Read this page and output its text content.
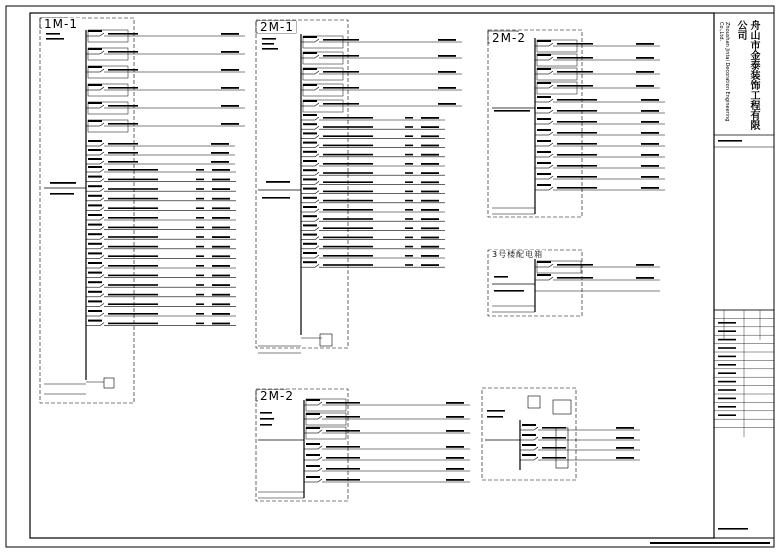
1M-1	2M-1
2M-2
3号楼配电箱
2M-2
舟山市金泰装饰工程有限公司
Zhoushan Jintai Decoration Engineering Co.,Ltd.
